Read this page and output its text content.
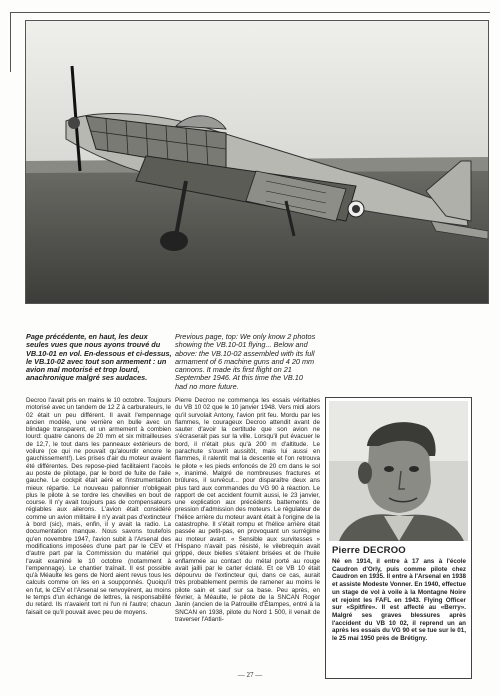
Page précédente, en haut, les deux seules vues que nous ayons trouvé du VB.10-01 en vol. En-dessous et ci-dessus, le VB.10-02 avec tout son armement : un avion mal motorisé et trop lourd, anachronique malgré ses audaces.

Previous page, top: We only know 2 photos showing the VB.10-01 flying... Below and above: the VB.10-02 assembled with its full armament of 6 machine guns and 4 20 mm cannons. It made its first flight on 21 September 1946. At this time the VB.10 had no more future.

Decroo l'avait pris en mains le 10 octobre. Toujours motorisé avec un tandem de 12 Z à carburateurs, le 02 était un peu différent. Il avait l'empennage ancien modèle, une verrière en bulle avec un blindage transparent, et un armement à combien lourd: quatre canons de 20 mm et six mitrailleuses de 12,7, le tout dans les panneaux extérieurs de voilure (ce qui ne pouvait qu'alourdir encore le gauchissement!). Les prises d'air du moteur avaient été différentes. Des repose-pied facilitaient l'accès au poste de pilotage, par le bord de fuite de l'aile gauche. Le cockpit était aéré et l'instrumentation mieux répartie. Le nouveau pallonnier n'obligeait plus le pilote à se tordre les chevilles en bout de course. Il n'y avait toujours pas de compensateurs réglables aux ailerons. L'avion était considéré comme un avion militaire il n'y avait pas d'extincteur à bord (sic), mais, enfin, il y avait la radio. La documentation manque. Nous savons toutefois qu'en novembre 1947, l'avion subit à l'Arsenal des modifications imposées d'une part par le CEV et d'autre part par la Commission du matériel qui l'avait examiné le 10 octobre (notamment à l'empennage). Le chantier traînait. Il est possible qu'à Méaulte les gens de Nord aient revus tous les calculs comme on les en a soupçonnés. Quoiqu'il en fut, le CEV et l'Arsenal se renvoyèrent, au moins le temps d'un échange de lettres, la responsabilité du retard. Ils n'avaient tort ni l'un ni l'autre; chacun faisait ce qu'il pouvait avec peu de moyens.

Pierre Decroo ne commença les essais véritables du VB 10 02 que le 10 janvier 1948. Vers midi alors qu'il survolait Antony, l'avion prit feu. Mordu par les flammes, le courageux Decroo attendit avant de sauter d'avoir la certitude que son avion ne s'écraserait pas sur la ville. Lorsqu'il put évacuer le bord, il n'était plus qu'à 200 m d'altitude. Le parachute s'ouvrit aussitôt, mais lui aussi en flammes, il ralentit mal la descente et l'on retrouva le pilote « les pieds enfoncés de 20 cm dans le sol », inanimé. Malgré de nombreuses fractures et brûlures, il survécut... pour disparaître deux ans plus tard aux commandes du VG 90 à réaction. Le rapport de cet accident fournit aussi, le 23 janvier, une explication aux précédents battements de pression d'admission des moteurs. Le régulateur de l'hélice arrière du moteur avant était à l'origine de la catastrophe. Il s'était rompu et l'hélice arrière était passée au petit-pas, en provoquant un surrégime au moteur avant. « Sensible aux survitesses » l'Hispano n'avait pas résisté, le vilebrequin avait grippé, deux bielles s'étaient brisées et de l'huile enflammée au contact du métal porté au rouge avait jailli par le carter éclaté. Et ce VB 10 était dépourvu de l'extincteur qui, dans ce cas, aurait très probablement permis de ramener au moins le pilote sain et sauf sur sa base. Peu après, en février, à Méaulte, le pilote de la SNCAN Roger Janin (ancien de la Patrouille d'Étampes, entré à la SNCAN en 1938, pilote du Nord 1 500, il venait de traverser l'Atlanti-

Pierre DECROO
Né en 1914, il entre à 17 ans à l'école Caudron d'Orly, puis comme pilote chez Caudron en 1935. Il entre à l'Arsenal en 1938 et assiste Modeste Vonner. En 1940, effectue un stage de vol à voile à la Montagne Noire et rejoint les FAFL en 1943. Flying Officer sur «Spitfire». Il est affecté au «Berry». Malgré ses graves blessures après l'accident du VB 10 02, il reprend un an après les essais du VG 90 et se tue sur le 01, le 25 mai 1950 près de Brétigny.
— 27 —
